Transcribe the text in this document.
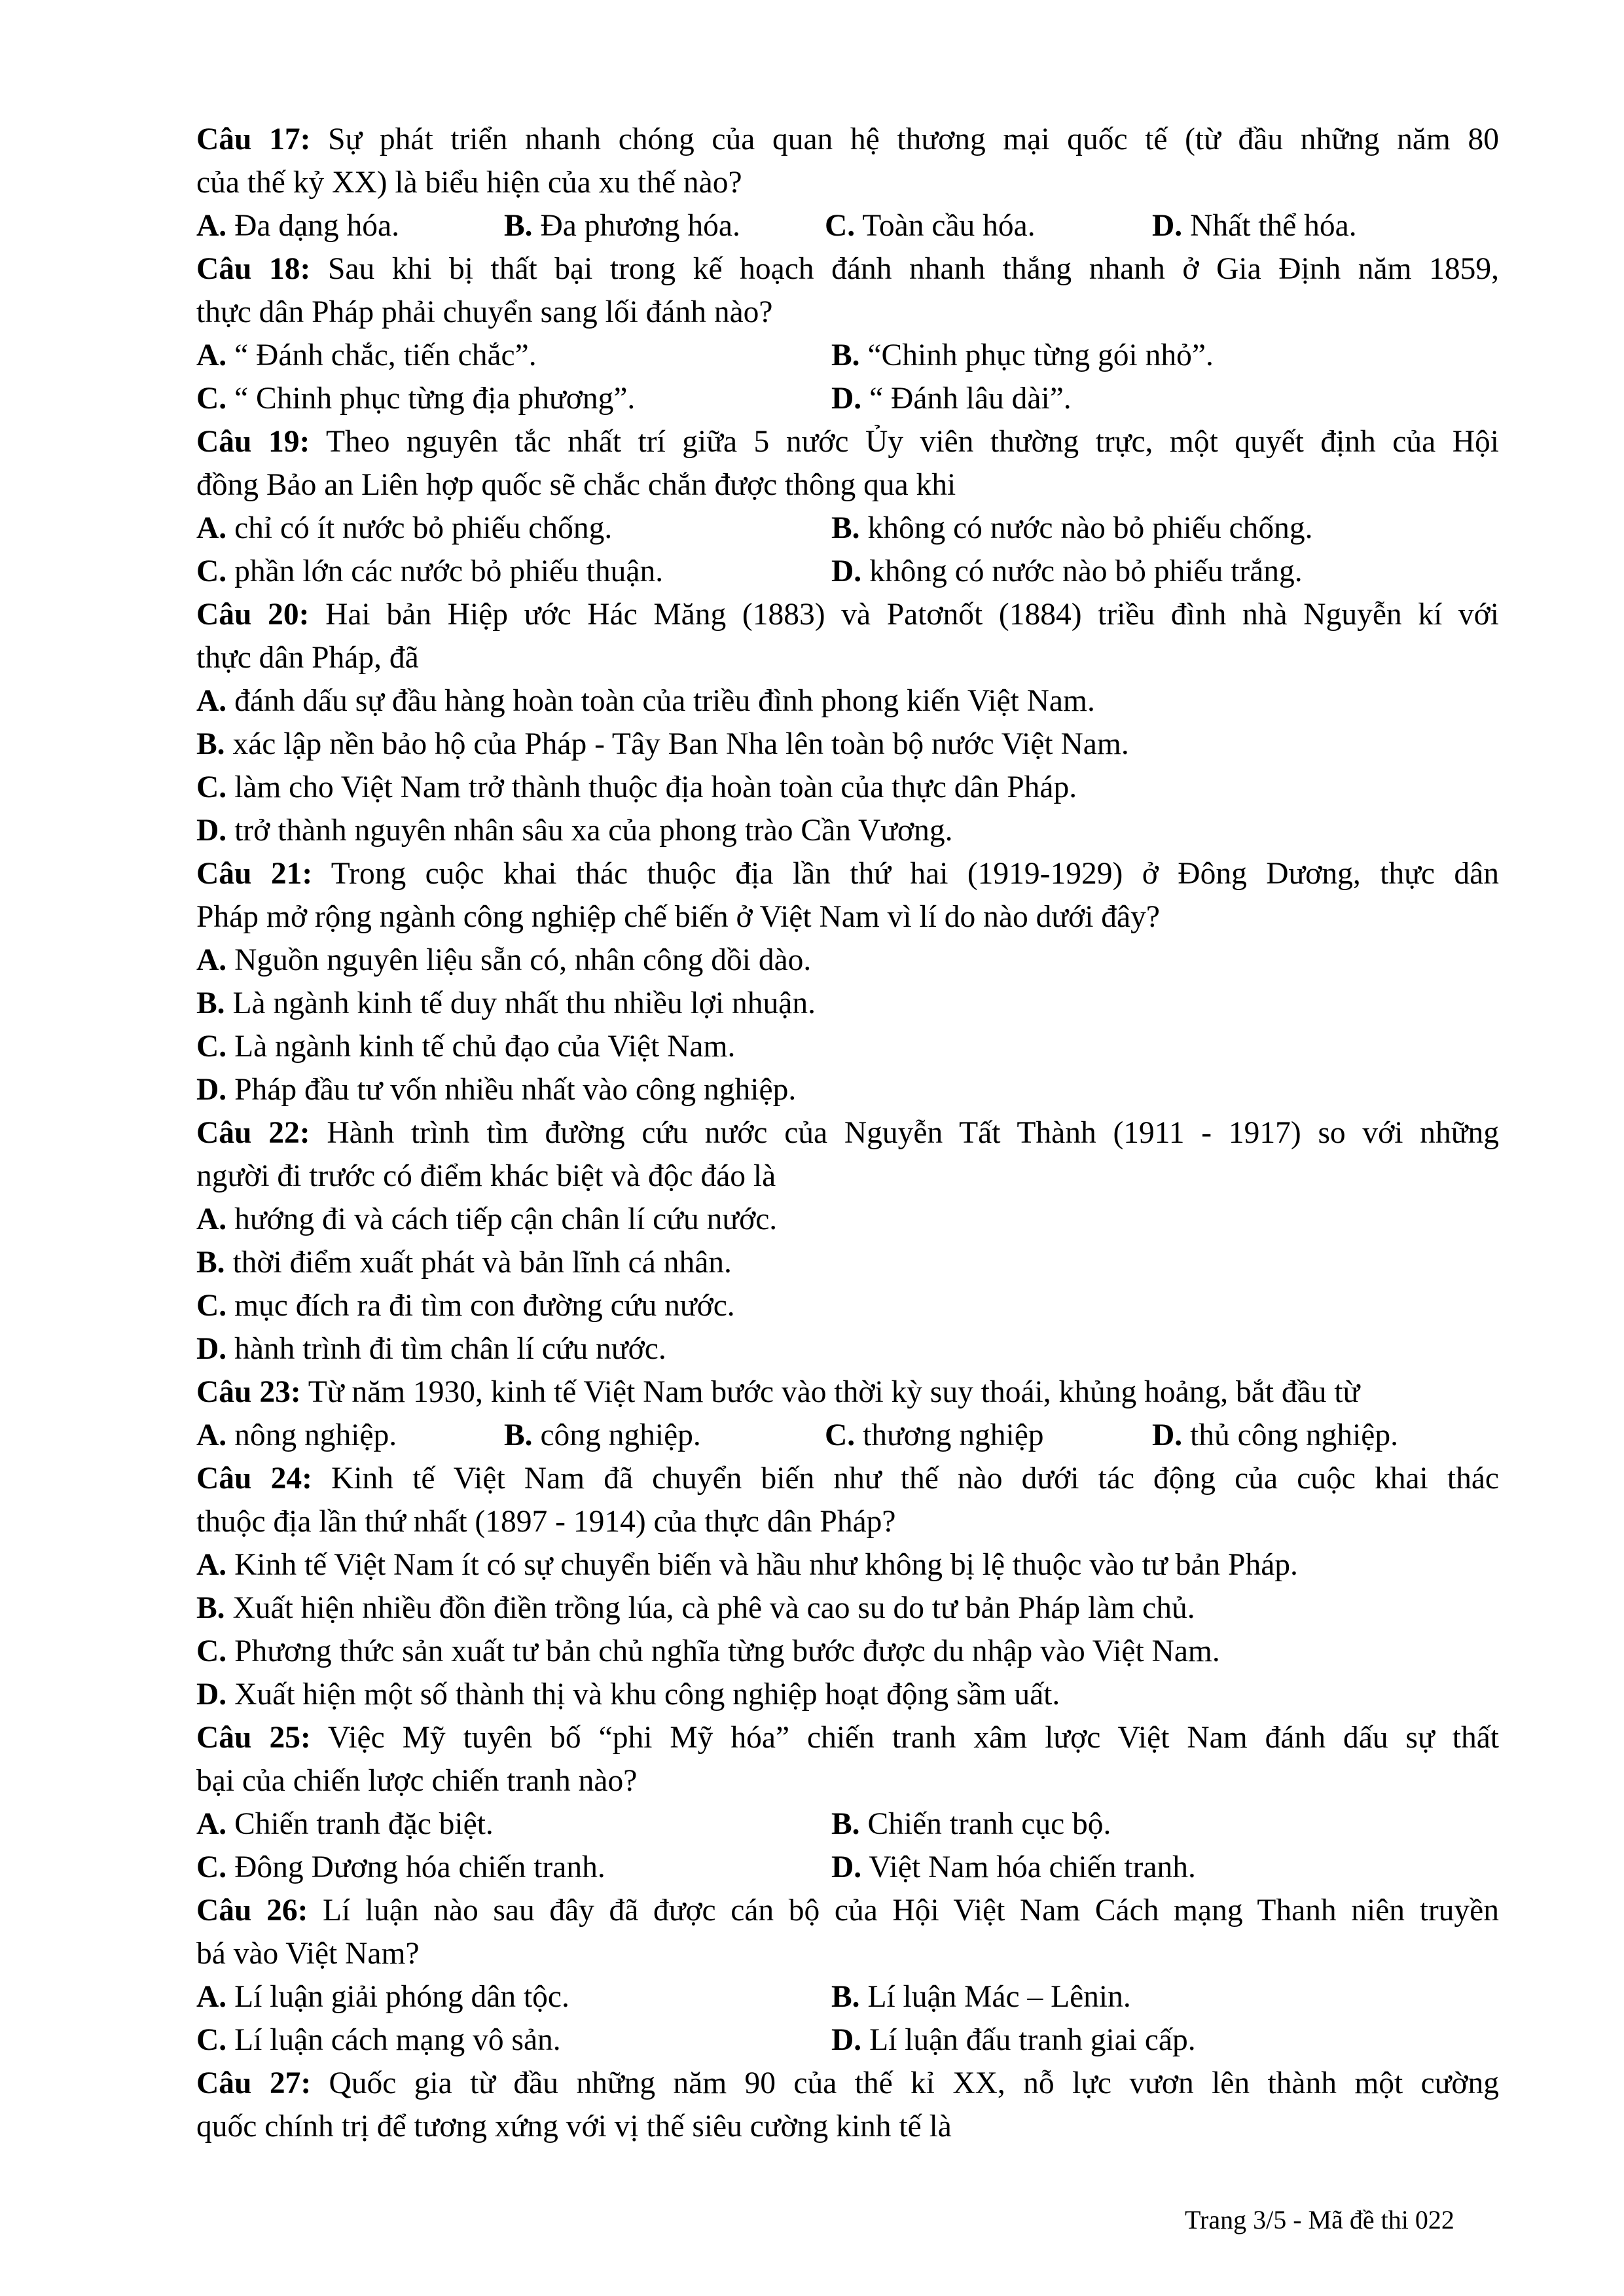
Câu 17: Sự phát triển nhanh chóng của quan hệ thương mại quốc tế (từ đầu những năm 80
của thế kỷ XX) là biểu hiện của xu thế nào?
A. Đa dạng hóa.	B. Đa phương hóa.	C. Toàn cầu hóa.	D. Nhất thể hóa.
Câu 18: Sau khi bị thất bại trong kế hoạch đánh nhanh thắng nhanh ở Gia Định năm 1859,
thực dân Pháp phải chuyển sang lối đánh nào?
A. “ Đánh chắc, tiến chắc”.	B. “Chinh phục từng gói nhỏ”.
C. “ Chinh phục từng địa phương”.	D. “ Đánh lâu dài”.
Câu 19: Theo nguyên tắc nhất trí giữa 5 nước Ủy viên thường trực, một quyết định của Hội
đồng Bảo an Liên hợp quốc sẽ chắc chắn được thông qua khi
A. chỉ có ít nước bỏ phiếu chống.	B. không có nước nào bỏ phiếu chống.
C. phần lớn các nước bỏ phiếu thuận.	D. không có nước nào bỏ phiếu trắng.
Câu 20: Hai bản Hiệp ước Hác Măng (1883) và Patơnốt (1884) triều đình nhà Nguyễn kí với
thực dân Pháp, đã
A. đánh dấu sự đầu hàng hoàn toàn của triều đình phong kiến Việt Nam.
B. xác lập nền bảo hộ của Pháp - Tây Ban Nha lên toàn bộ nước Việt Nam.
C. làm cho Việt Nam trở thành thuộc địa hoàn toàn của thực dân Pháp.
D. trở thành nguyên nhân sâu xa của phong trào Cần Vương.
Câu 21: Trong cuộc khai thác thuộc địa lần thứ hai (1919-1929) ở Đông Dương, thực dân
Pháp mở rộng ngành công nghiệp chế biến ở Việt Nam vì lí do nào dưới đây?
A. Nguồn nguyên liệu sẵn có, nhân công dồi dào.
B. Là ngành kinh tế duy nhất thu nhiều lợi nhuận.
C. Là ngành kinh tế chủ đạo của Việt Nam.
D. Pháp đầu tư vốn nhiều nhất vào công nghiệp.
Câu 22: Hành trình tìm đường cứu nước của Nguyễn Tất Thành (1911 - 1917) so với những
người đi trước có điểm khác biệt và độc đáo là
A. hướng đi và cách tiếp cận chân lí cứu nước.
B. thời điểm xuất phát và bản lĩnh cá nhân.
C. mục đích ra đi tìm con đường cứu nước.
D. hành trình đi tìm chân lí cứu nước.
Câu 23: Từ năm 1930, kinh tế Việt Nam bước vào thời kỳ suy thoái, khủng hoảng, bắt đầu từ
A. nông nghiệp.	B. công nghiệp.	C. thương nghiệp	D. thủ công nghiệp.
Câu 24: Kinh tế Việt Nam đã chuyển biến như thế nào dưới tác động của cuộc khai thác
thuộc địa lần thứ nhất (1897 - 1914) của thực dân Pháp?
A. Kinh tế Việt Nam ít có sự chuyển biến và hầu như không bị lệ thuộc vào tư bản Pháp.
B. Xuất hiện nhiều đồn điền trồng lúa, cà phê và cao su do tư bản Pháp làm chủ.
C. Phương thức sản xuất tư bản chủ nghĩa từng bước được du nhập vào Việt Nam.
D. Xuất hiện một số thành thị và khu công nghiệp hoạt động sầm uất.
Câu 25: Việc Mỹ tuyên bố “phi Mỹ hóa” chiến tranh xâm lược Việt Nam đánh dấu sự thất
bại của chiến lược chiến tranh nào?
A. Chiến tranh đặc biệt.	B. Chiến tranh cục bộ.
C. Đông Dương hóa chiến tranh.	D. Việt Nam hóa chiến tranh.
Câu 26: Lí luận nào sau đây đã được cán bộ của Hội Việt Nam Cách mạng Thanh niên truyền
bá vào Việt Nam?
A. Lí luận giải phóng dân tộc.	B. Lí luận Mác – Lênin.
C. Lí luận cách mạng vô sản.	D. Lí luận đấu tranh giai cấp.
Câu 27: Quốc gia từ đầu những năm 90 của thế kỉ XX, nỗ lực vươn lên thành một cường
quốc chính trị để tương xứng với vị thế siêu cường kinh tế là
Trang 3/5 - Mã đề thi 022
